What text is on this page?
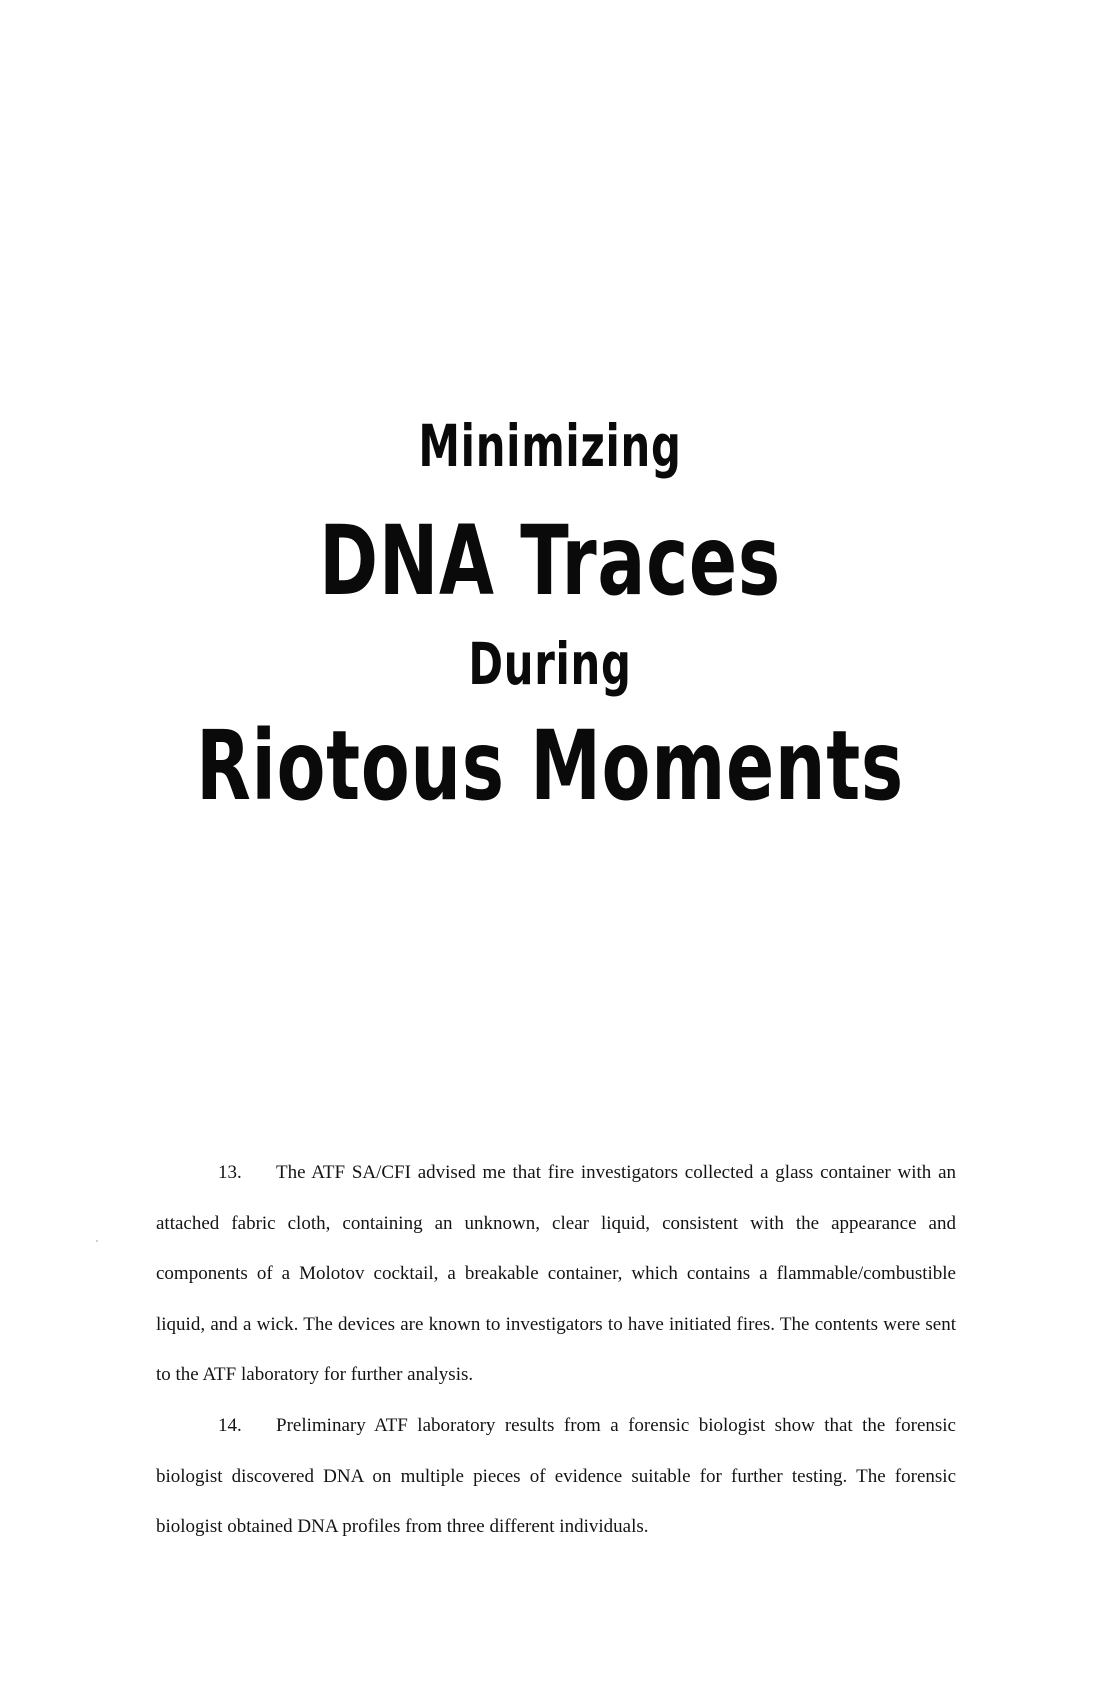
Minimizing
DNA Traces
During
Riotous Moments

13. The ATF SA/CFI advised me that fire investigators collected a glass container with an attached fabric cloth, containing an unknown, clear liquid, consistent with the appearance and components of a Molotov cocktail, a breakable container, which contains a flammable/combustible liquid, and a wick. The devices are known to investigators to have initiated fires. The contents were sent to the ATF laboratory for further analysis.

14. Preliminary ATF laboratory results from a forensic biologist show that the forensic biologist discovered DNA on multiple pieces of evidence suitable for further testing. The forensic biologist obtained DNA profiles from three different individuals.
